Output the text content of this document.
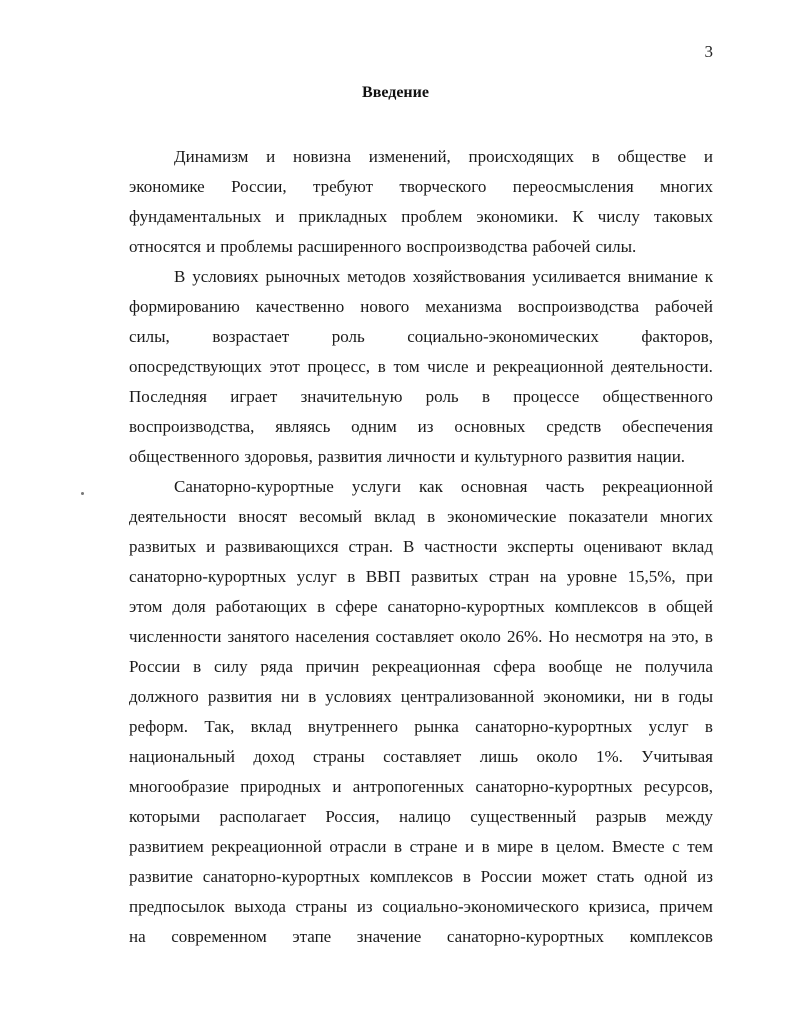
3
Введение
Динамизм и новизна изменений, происходящих в обществе и
экономике России, требуют творческого переосмысления многих
фундаментальных и прикладных проблем экономики. К числу таковых
относятся и проблемы расширенного воспроизводства рабочей силы.
В условиях рыночных методов хозяйствования усиливается внимание к
формированию качественно нового механизма воспроизводства рабочей
силы,	возрастает	роль	социально-экономических	факторов,
опосредствующих этот процесс, в том числе и рекреационной деятельности.
Последняя играет значительную роль в процессе общественного
воспроизводства, являясь одним из основных средств обеспечения
общественного здоровья, развития личности и культурного развития нации.
Санаторно-курортные услуги как основная часть рекреационной
деятельности вносят весомый вклад в экономические показатели многих
развитых и развивающихся стран. В частности эксперты оценивают вклад
санаторно-курортных услуг в ВВП развитых стран на уровне 15,5%, при
этом доля работающих в сфере санаторно-курортных комплексов в общей
численности занятого населения составляет около 26%. Но несмотря на это, в
России в силу ряда причин рекреационная сфера вообще не получила
должного развития ни в условиях централизованной экономики, ни в годы
реформ. Так, вклад внутреннего рынка санаторно-курортных услуг в
национальный доход страны составляет лишь около 1%. Учитывая
многообразие природных и антропогенных санаторно-курортных ресурсов,
которыми располагает Россия, налицо существенный разрыв между
развитием рекреационной отрасли в стране и в мире в целом. Вместе с тем
развитие санаторно-курортных комплексов в России может стать одной из
предпосылок выхода страны из социально-экономического кризиса, причем
на современном этапе значение санаторно-курортных комплексов
